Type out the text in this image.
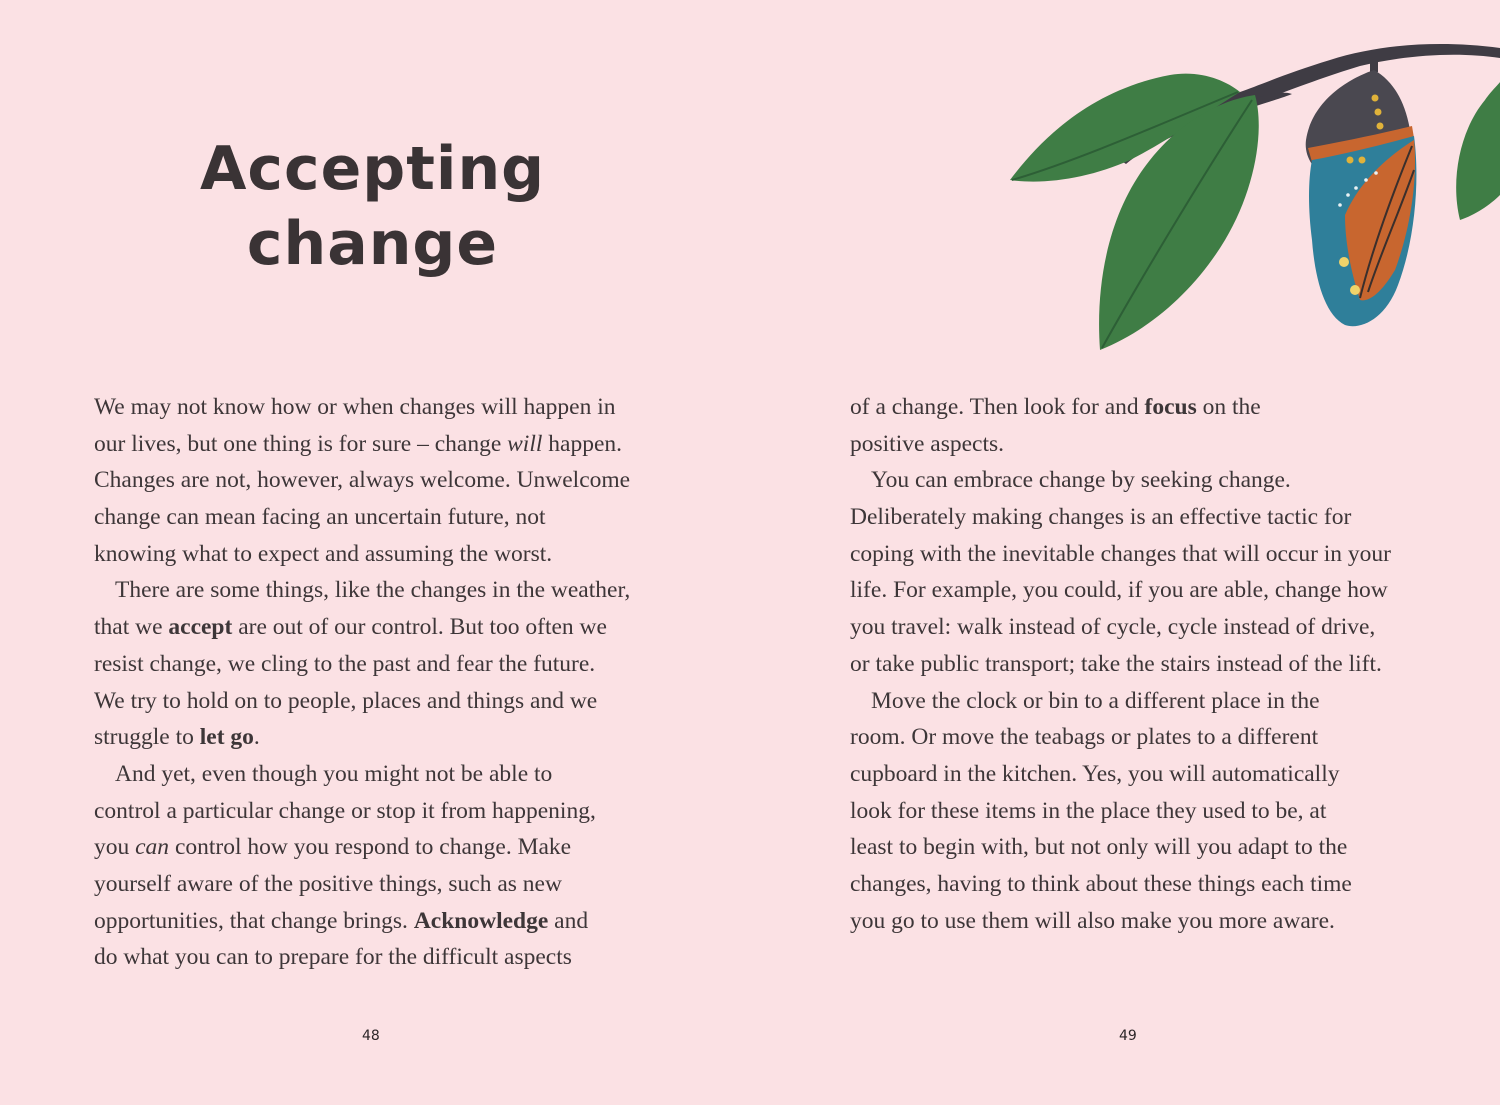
Accepting
change
We may not know how or when changes will happen in
our lives, but one thing is for sure – change will happen.
Changes are not, however, always welcome. Unwelcome
change can mean facing an uncertain future, not
knowing what to expect and assuming the worst.
There are some things, like the changes in the weather,
that we accept are out of our control. But too often we
resist change, we cling to the past and fear the future.
We try to hold on to people, places and things and we
struggle to let go.
And yet, even though you might not be able to
control a particular change or stop it from happening,
you can control how you respond to change. Make
yourself aware of the positive things, such as new
opportunities, that change brings. Acknowledge and
do what you can to prepare for the difficult aspects
48
of a change. Then look for and focus on the
positive aspects.
You can embrace change by seeking change.
Deliberately making changes is an effective tactic for
coping with the inevitable changes that will occur in your
life. For example, you could, if you are able, change how
you travel: walk instead of cycle, cycle instead of drive,
or take public transport; take the stairs instead of the lift.
Move the clock or bin to a different place in the
room. Or move the teabags or plates to a different
cupboard in the kitchen. Yes, you will automatically
look for these items in the place they used to be, at
least to begin with, but not only will you adapt to the
changes, having to think about these things each time
you go to use them will also make you more aware.
49
